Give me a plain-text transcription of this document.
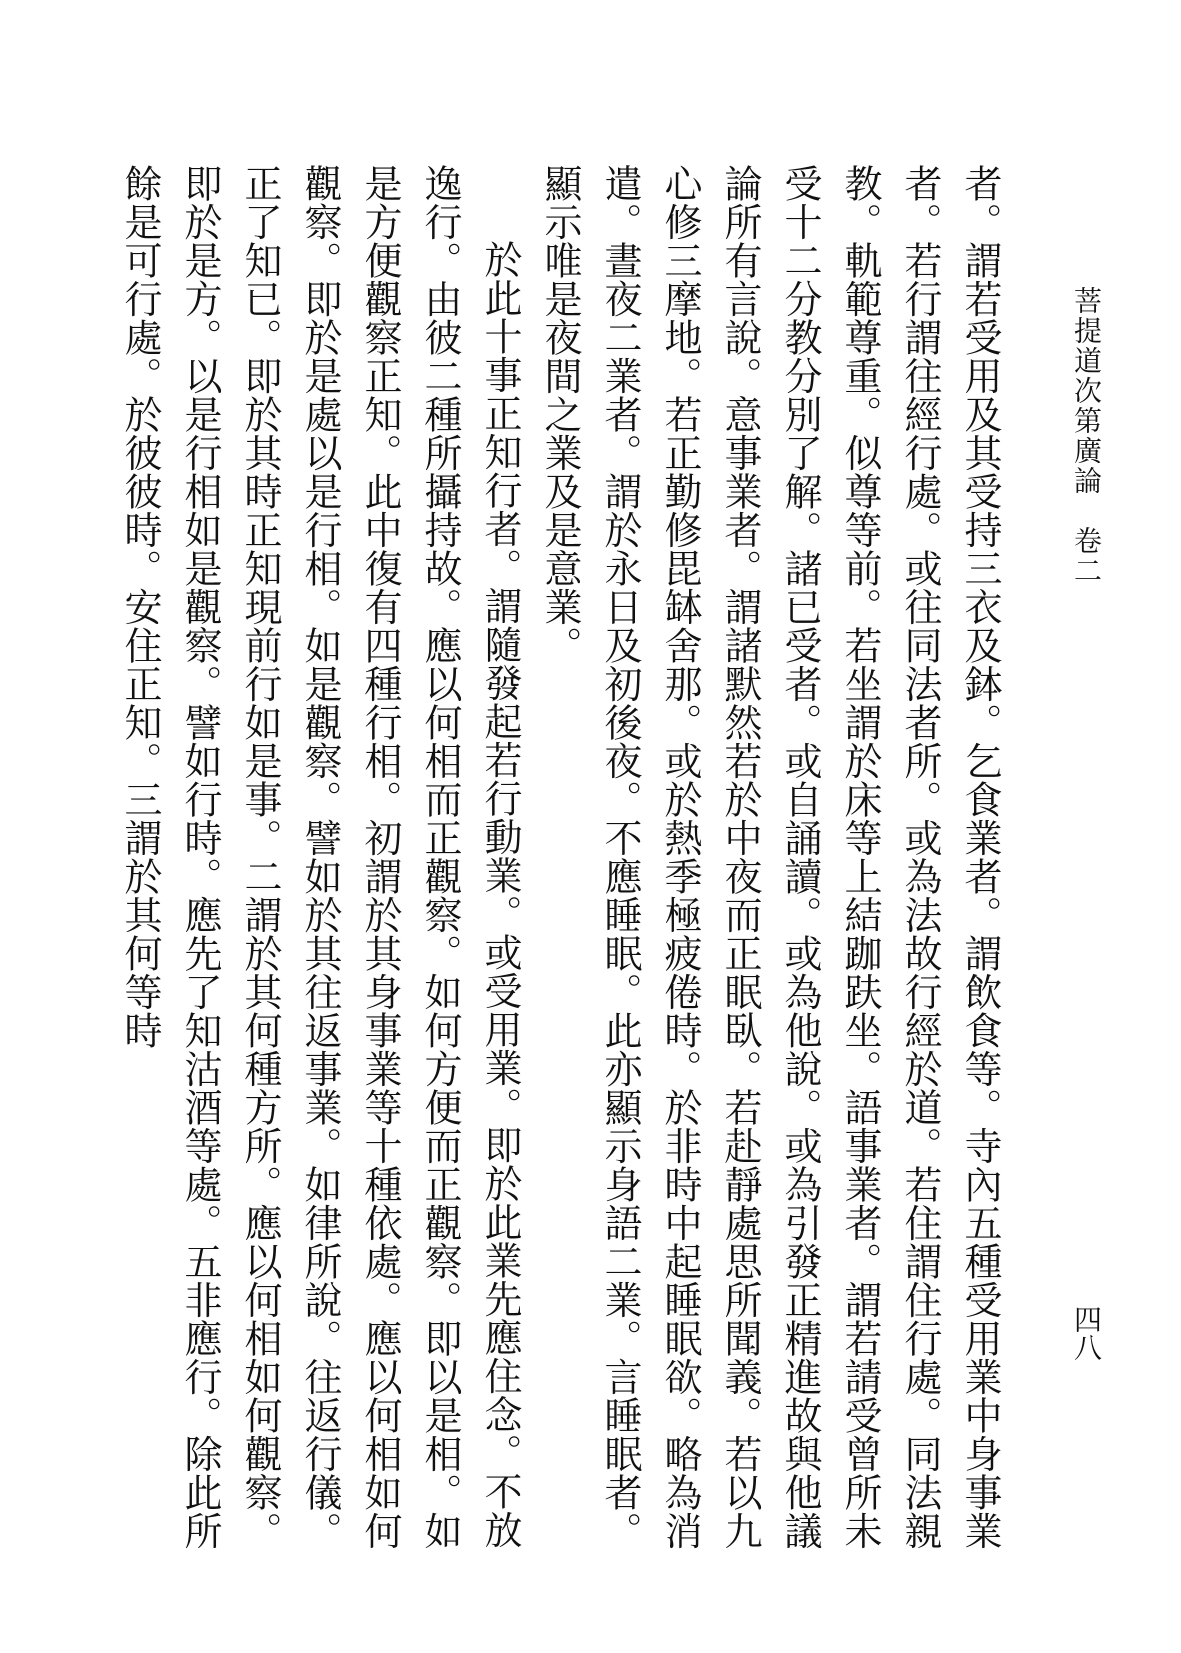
菩提道次第廣論　卷二

者。謂若受用及其受持三衣及鉢。乞食業者。謂飲食等。寺內五種受用業中身事業者。若行謂往經行處。或往同法者所。或為法故行經於道。若住謂住行處。同法親教。軌範尊重。似尊等前。若坐謂於床等上結跏趺坐。語事業者。謂若請受曾所未受十二分教分別了解。諸已受者。或自誦讀。或為他說。或為引發正精進故與他議論所有言說。意事業者。謂諸默然若於中夜而正眠臥。若赴靜處思所聞義。若以九心修三摩地。若正勤修毘缽舍那。或於熱季極疲倦時。於非時中起睡眠欲。略為消遣。晝夜二業者。謂於永日及初後夜。不應睡眠。此亦顯示身語二業。言睡眠者。顯示唯是夜間之業及是意業。

於此十事正知行者。謂隨發起若行動業。或受用業。即於此業先應住念。不放逸行。由彼二種所攝持故。應以何相而正觀察。如何方便而正觀察。即以是相。如是方便觀察正知。此中復有四種行相。初謂於其身事業等十種依處。應以何相如何觀察。即於是處以是行相。如是觀察。譬如於其往返事業。如律所說。往返行儀。正了知已。即於其時正知現前行如是事。二謂於其何種方所。應以何相如何觀察。即於是方。以是行相如是觀察。譬如行時。應先了知沽酒等處。五非應行。除此所餘是可行處。於彼彼時。安住正知。三謂於其何等時

四八
